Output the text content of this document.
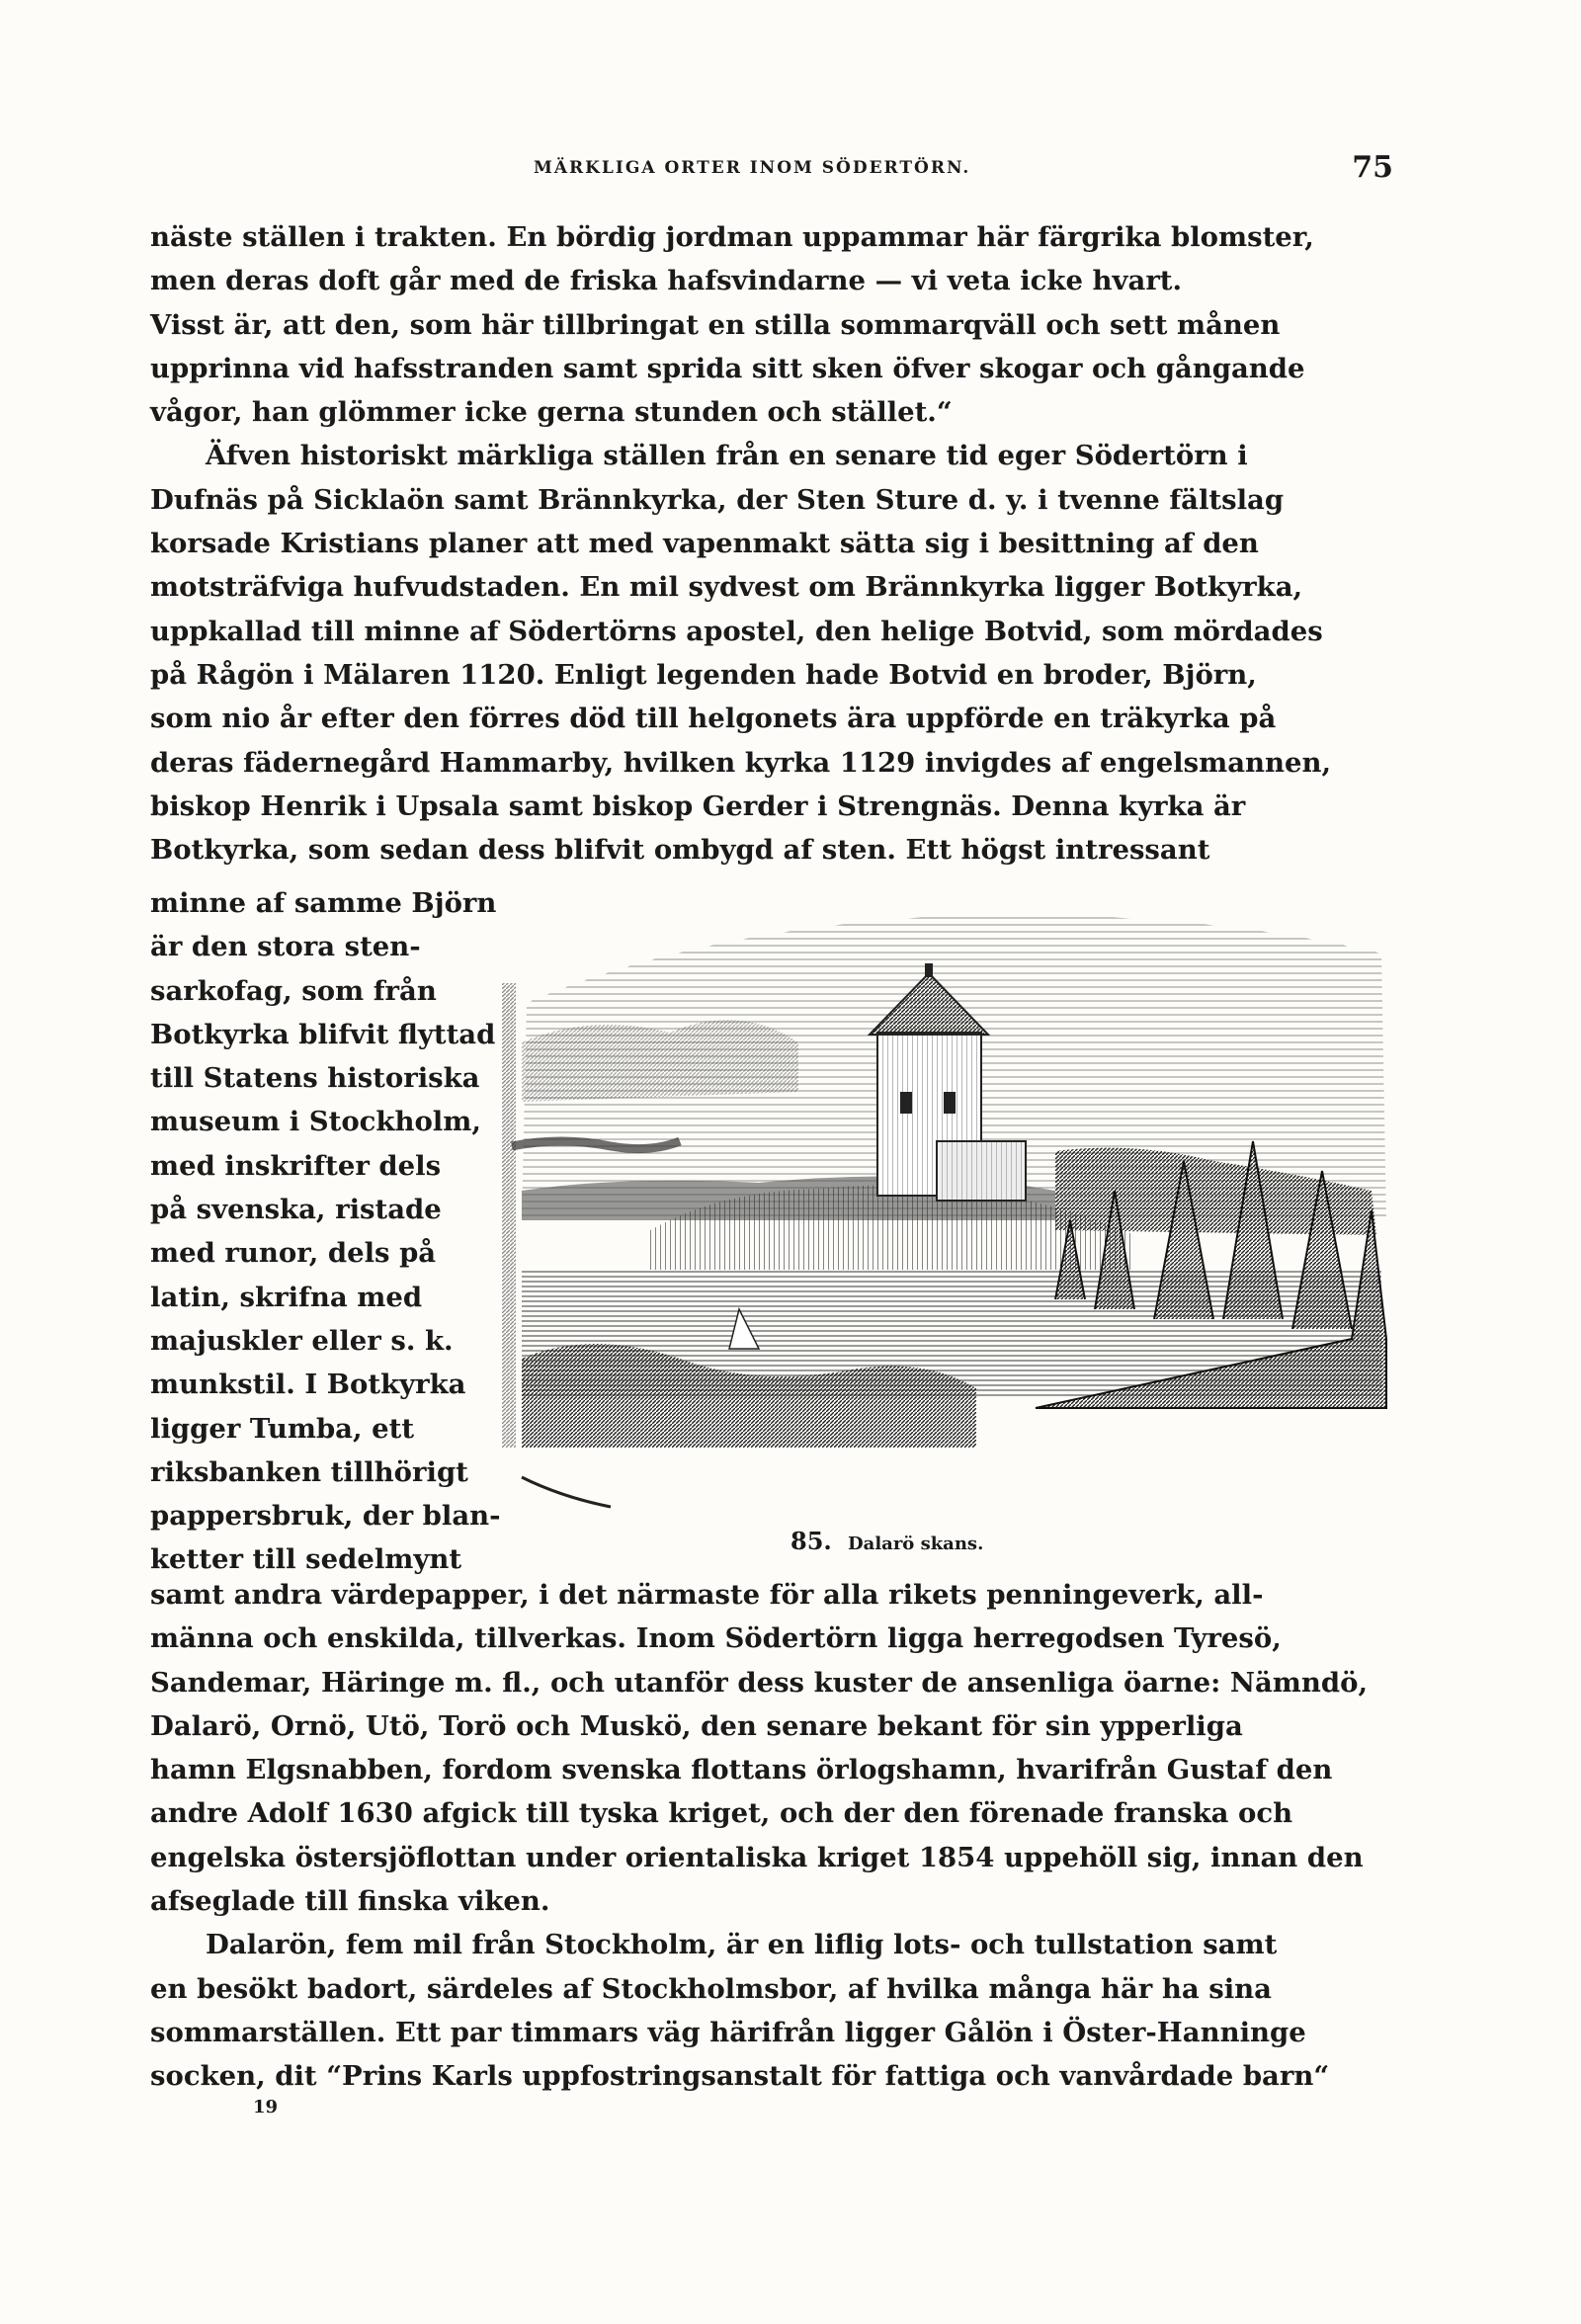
MÄRKLIGA ORTER INOM SÖDERTÖRN.	75
näste ställen i trakten. En bördig jordman uppammar här färgrika blomster,
men deras doft går med de friska hafsvindarne — vi veta icke hvart.
Visst är, att den, som här tillbringat en stilla sommarqväll och sett månen
upprinna vid hafsstranden samt sprida sitt sken öfver skogar och gångande
vågor, han glömmer icke gerna stunden och stället.“
Äfven historiskt märkliga ställen från en senare tid eger Södertörn i
Dufnäs på Sicklaön samt Brännkyrka, der Sten Sture d. y. i tvenne fältslag
korsade Kristians planer att med vapenmakt sätta sig i besittning af den
motsträfviga hufvudstaden. En mil sydvest om Brännkyrka ligger Botkyrka,
uppkallad till minne af Södertörns apostel, den helige Botvid, som mördades
på Rågön i Mälaren 1120. Enligt legenden hade Botvid en broder, Björn,
som nio år efter den förres död till helgonets ära uppförde en träkyrka på
deras fädernegård Hammarby, hvilken kyrka 1129 invigdes af engelsmannen,
biskop Henrik i Upsala samt biskop Gerder i Strengnäs. Denna kyrka är
Botkyrka, som sedan dess blifvit ombygd af sten. Ett högst intressant
minne af samme Björn
är den stora sten-
sarkofag, som från
Botkyrka blifvit flyttad
till Statens historiska
museum i Stockholm,
med inskrifter dels
på svenska, ristade
med runor, dels på
latin, skrifna med
majuskler eller s. k.
munkstil. I Botkyrka
ligger Tumba, ett
riksbanken tillhörigt
pappersbruk, der blan-
ketter till sedelmynt
85. Dalarö skans.
samt andra värdepapper, i det närmaste för alla rikets penningeverk, all-
männa och enskilda, tillverkas. Inom Södertörn ligga herregodsen Tyresö,
Sandemar, Häringe m. fl., och utanför dess kuster de ansenliga öarne: Nämndö,
Dalarö, Ornö, Utö, Torö och Muskö, den senare bekant för sin ypperliga
hamn Elgsnabben, fordom svenska flottans örlogshamn, hvarifrån Gustaf den
andre Adolf 1630 afgick till tyska kriget, och der den förenade franska och
engelska östersjöflottan under orientaliska kriget 1854 uppehöll sig, innan den
afseglade till finska viken.
Dalarön, fem mil från Stockholm, är en liflig lots- och tullstation samt
en besökt badort, särdeles af Stockholmsbor, af hvilka många här ha sina
sommarställen. Ett par timmars väg härifrån ligger Gålön i Öster-Hanninge
socken, dit “Prins Karls uppfostringsanstalt för fattiga och vanvårdade barn“
19
